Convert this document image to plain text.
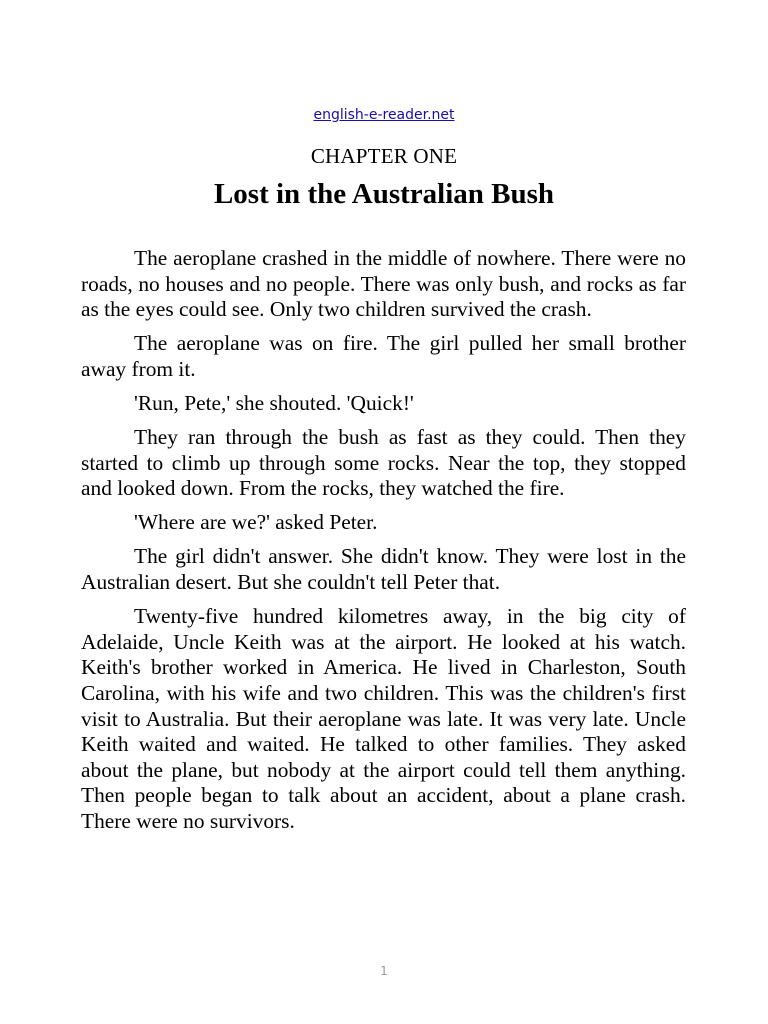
english-e-reader.net
CHAPTER ONE
Lost in the Australian Bush

The aeroplane crashed in the middle of nowhere. There were no roads, no houses and no people. There was only bush, and rocks as far as the eyes could see. Only two children survived the crash.

The aeroplane was on fire. The girl pulled her small brother away from it.

'Run, Pete,' she shouted. 'Quick!'

They ran through the bush as fast as they could. Then they started to climb up through some rocks. Near the top, they stopped and looked down. From the rocks, they watched the fire.

'Where are we?' asked Peter.

The girl didn't answer. She didn't know. They were lost in the Australian desert. But she couldn't tell Peter that.

Twenty-five hundred kilometres away, in the big city of Adelaide, Uncle Keith was at the airport. He looked at his watch. Keith's brother worked in America. He lived in Charleston, South Carolina, with his wife and two children. This was the children's first visit to Australia. But their aeroplane was late. It was very late. Uncle Keith waited and waited. He talked to other families. They asked about the plane, but nobody at the airport could tell them anything. Then people began to talk about an accident, about a plane crash. There were no survivors.

1
